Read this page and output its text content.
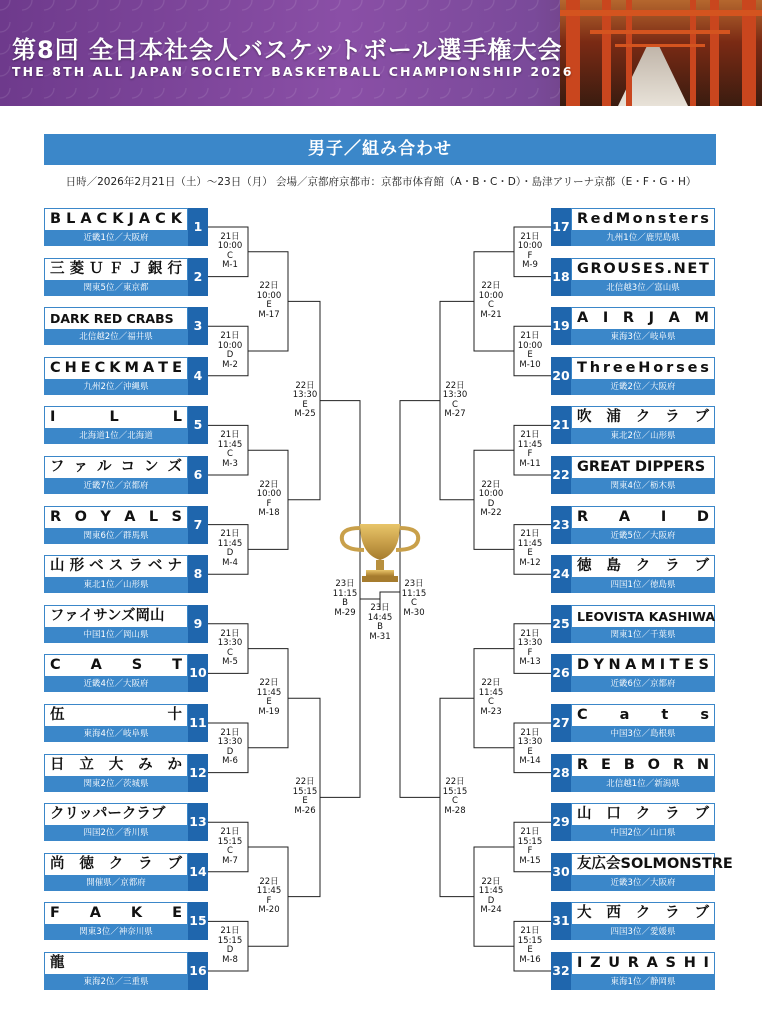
第8回 全日本社会人バスケットボール選手権大会
THE 8TH ALL JAPAN SOCIETY BASKETBALL CHAMPIONSHIP 2026
男子／組み合わせ
日時／2026年2月21日（土）～23日（月） 会場／京都府京都市：京都市体育館（A・B・C・D）・島津アリーナ京都（E・F・G・H）
B L A C K J A C K
近畿1位／大阪府
1
三 菱 Ｕ Ｆ Ｊ 銀 行
関東5位／東京都
2
DARK RED CRABS
北信越2位／福井県
3
C H E C K M A T E
九州2位／沖縄県
4
I	L	L
北海道1位／北海道
5
フ ァ ル コ ン ズ
近畿7位／京都府
6
R O Y A L S
関東6位／群馬県
7
山 形 ベ ス ラ ベ ナ
東北1位／山形県
8
ファイサンズ岡山
中国1位／岡山県
9
C A S T
近畿4位／大阪府
10
伍	十
東海4位／岐阜県
11
日 立 大 み か
関東2位／茨城県
12
クリッパークラブ
四国2位／香川県
13
尚 徳 ク ラ ブ
開催県／京都府
14
F A K E
関東3位／神奈川県
15
龍
東海2位／三重県
16
R e d M o n s t e r s
九州1位／鹿児島県
17
G R O U S E S . N E T
北信越3位／富山県
18
A I R J A M
東海3位／岐阜県
19
T h r e e H o r s e s
近畿2位／大阪府
20
吹 浦 ク ラ ブ
東北2位／山形県
21
GREAT DIPPERS
関東4位／栃木県
22
R A I D
近畿5位／大阪府
23
徳 島 ク ラ ブ
四国1位／徳島県
24
LEOVISTA KASHIWA
関東1位／千葉県
25
D Y N A M I T E S
近畿6位／京都府
26
C a t s
中国3位／島根県
27
R E B O R N
北信越1位／新潟県
28
山 口 ク ラ ブ
中国2位／山口県
29
友広会SOLMONSTRE
近畿3位／大阪府
30
大 西 ク ラ ブ
四国3位／愛媛県
31
I Z U R A S H I
東海1位／静岡県
32
21日
10:00
C
M-1
21日
10:00
F
M-9
21日
10:00
D
M-2
21日
10:00
E
M-10
21日
11:45
C
M-3
21日
11:45
F
M-11
21日
11:45
D
M-4
21日
11:45
E
M-12
21日
13:30
C
M-5
21日
13:30
F
M-13
21日
13:30
D
M-6
21日
13:30
E
M-14
21日
15:15
C
M-7
21日
15:15
F
M-15
21日
15:15
D
M-8
21日
15:15
E
M-16
22日
10:00
E
M-17
22日
10:00
C
M-21
22日
10:00
F
M-18
22日
10:00
D
M-22
22日
11:45
E
M-19
22日
11:45
C
M-23
22日
11:45
F
M-20
22日
11:45
D
M-24
22日
13:30
E
M-25
22日
13:30
C
M-27
22日
15:15
E
M-26
22日
15:15
C
M-28
23日
11:15
B
M-29
23日
11:15
C
M-30
23日
14:45
B
M-31
